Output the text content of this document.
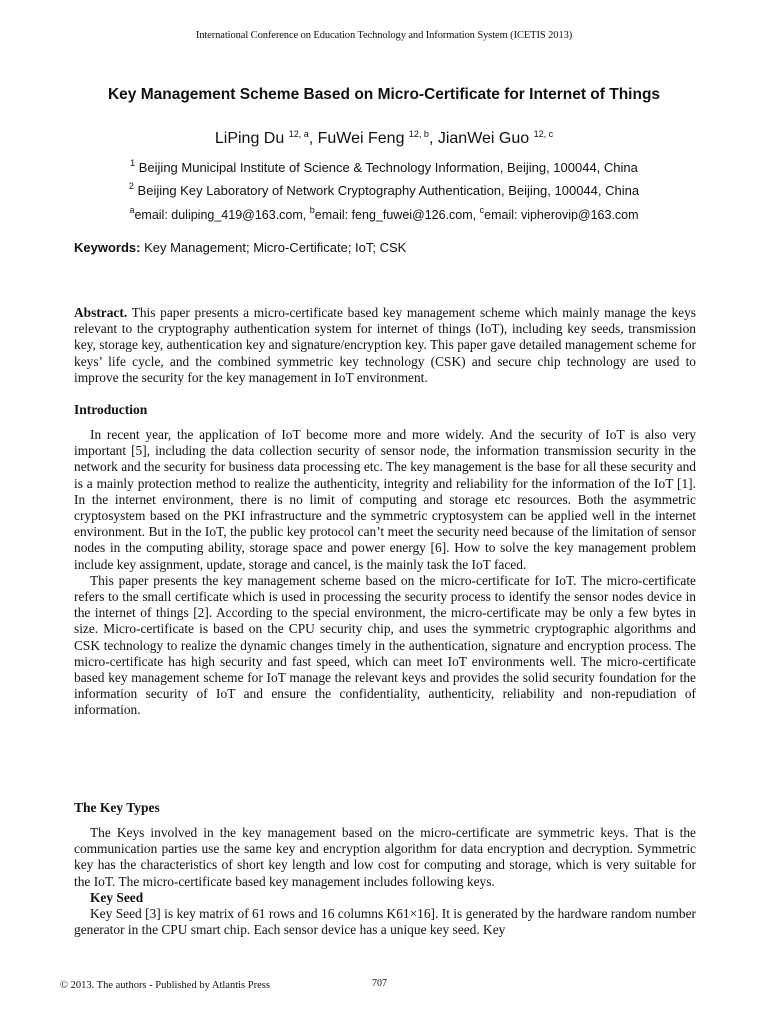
International Conference on Education Technology and Information System (ICETIS 2013)
Key Management Scheme Based on Micro-Certificate for Internet of Things
LiPing Du $^{12, a}$, FuWei Feng $^{12, b}$, JianWei Guo $^{12, c}$
$^1$ Beijing Municipal Institute of Science & Technology Information, Beijing, 100044, China
$^2$ Beijing Key Laboratory of Network Cryptography Authentication, Beijing, 100044, China
$^a$email: duliping_419@163.com, $^b$email: feng_fuwei@126.com, $^c$email: vipherovip@163.com
Keywords: Key Management; Micro-Certificate; IoT; CSK

Abstract. This paper presents a micro-certificate based key management scheme which mainly manage the keys relevant to the cryptography authentication system for internet of things (IoT), including key seeds, transmission key, storage key, authentication key and signature/encryption key. This paper gave detailed management scheme for keys’ life cycle, and the combined symmetric key technology (CSK) and secure chip technology are used to improve the security for the key management in IoT environment.

Introduction

In recent year, the application of IoT become more and more widely. And the security of IoT is also very important [5], including the data collection security of sensor node, the information transmission security in the network and the security for business data processing etc. The key management is the base for all these security and is a mainly protection method to realize the authenticity, integrity and reliability for the information of the IoT [1]. In the internet environment, there is no limit of computing and storage etc resources. Both the asymmetric cryptosystem based on the PKI infrastructure and the symmetric cryptosystem can be applied well in the internet environment. But in the IoT, the public key protocol can’t meet the security need because of the limitation of sensor nodes in the computing ability, storage space and power energy [6]. How to solve the key management problem include key assignment, update, storage and cancel, is the mainly task the IoT faced.

This paper presents the key management scheme based on the micro-certificate for IoT. The micro-certificate refers to the small certificate which is used in processing the security process to identify the sensor nodes device in the internet of things [2]. According to the special environment, the micro-certificate may be only a few bytes in size. Micro-certificate is based on the CPU security chip, and uses the symmetric cryptographic algorithms and CSK technology to realize the dynamic changes timely in the authentication, signature and encryption process. The micro-certificate has high security and fast speed, which can meet IoT environments well. The micro-certificate based key management scheme for IoT manage the relevant keys and provides the solid security foundation for the information security of IoT and ensure the confidentiality, authenticity, reliability and non-repudiation of information.

The Key Types

The Keys involved in the key management based on the micro-certificate are symmetric keys. That is the communication parties use the same key and encryption algorithm for data encryption and decryption. Symmetric key has the characteristics of short key length and low cost for computing and storage, which is very suitable for the IoT. The micro-certificate based key management includes following keys.

Key Seed

Key Seed [3] is key matrix of 61 rows and 16 columns K61×16]. It is generated by the hardware random number generator in the CPU smart chip. Each sensor device has a unique key seed. Key

© 2013. The authors - Published by Atlantis Press	707
